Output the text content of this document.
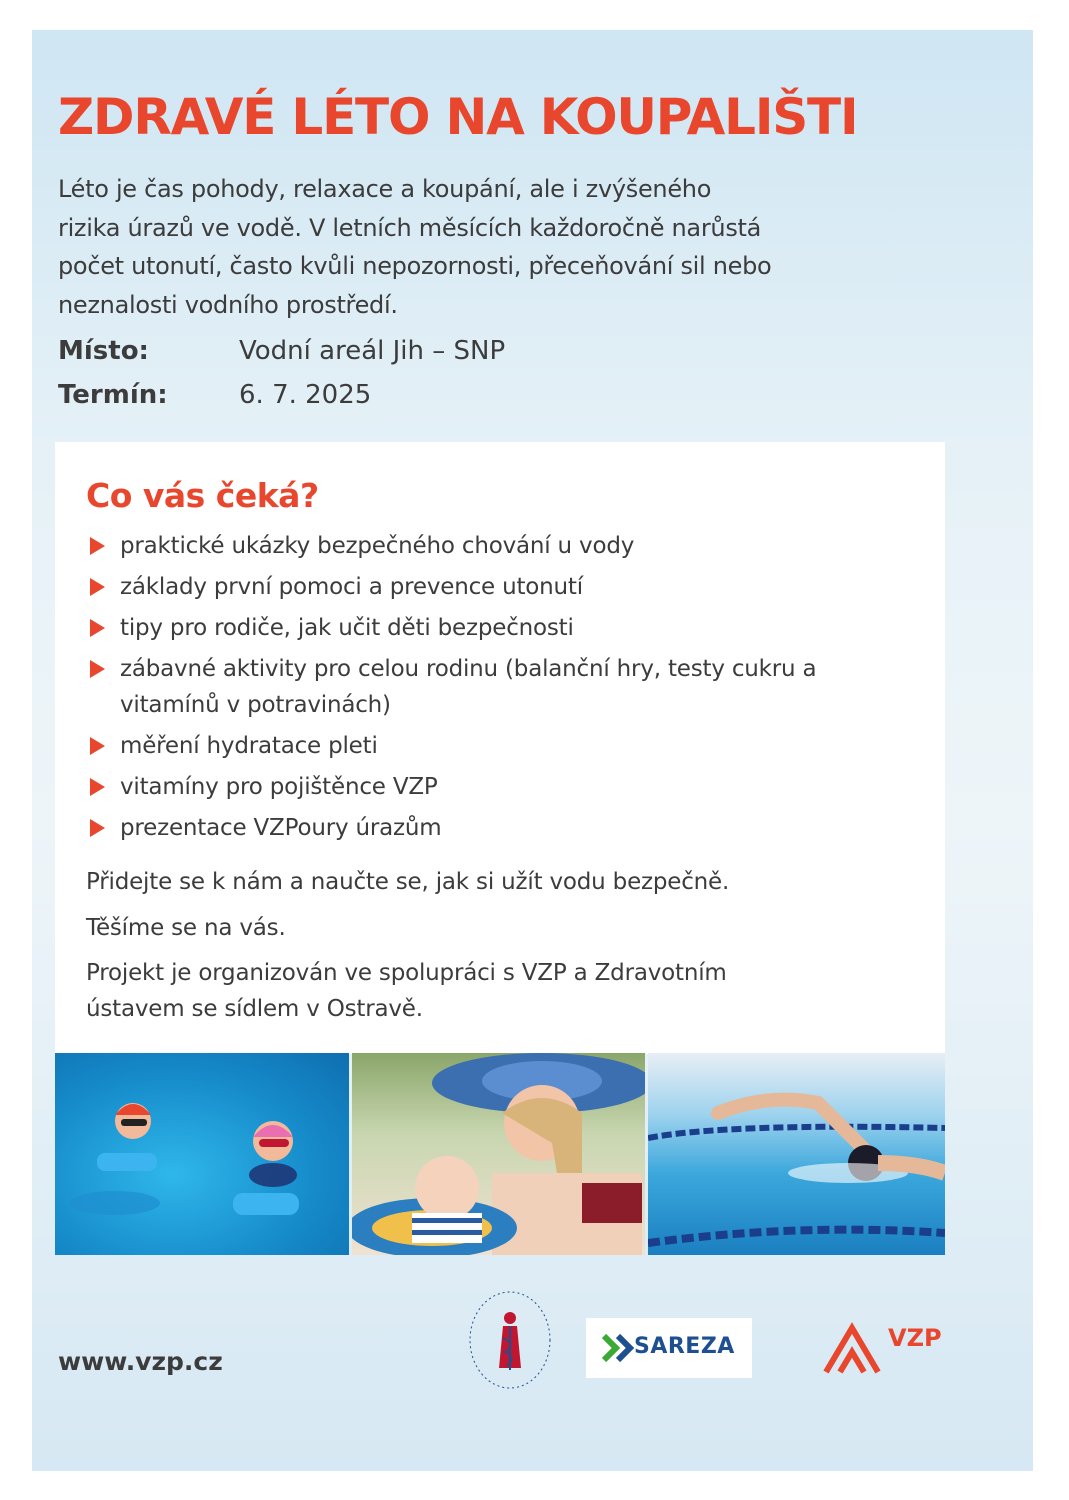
ZDRAVÉ LÉTO NA KOUPALIŠTI
Léto je čas pohody, relaxace a koupání, ale i zvýšeného
rizika úrazů ve vodě. V letních měsících každoročně narůstá
počet utonutí, často kvůli nepozornosti, přeceňování sil nebo
neznalosti vodního prostředí.
Místo:	Vodní areál Jih – SNP
Termín:	6. 7. 2025
Co vás čeká?
praktické ukázky bezpečného chování u vody
základy první pomoci a prevence utonutí
tipy pro rodiče, jak učit děti bezpečnosti
zábavné aktivity pro celou rodinu (balanční hry, testy cukru a vitamínů v potravinách)
měření hydratace pleti
vitamíny pro pojištěnce VZP
prezentace VZPoury úrazům
Přidejte se k nám a naučte se, jak si užít vodu bezpečně.
Těšíme se na vás.
Projekt je organizován ve spolupráci s VZP a Zdravotním
ústavem se sídlem v Ostravě.
www.vzp.cz
SAREZA	VZP
